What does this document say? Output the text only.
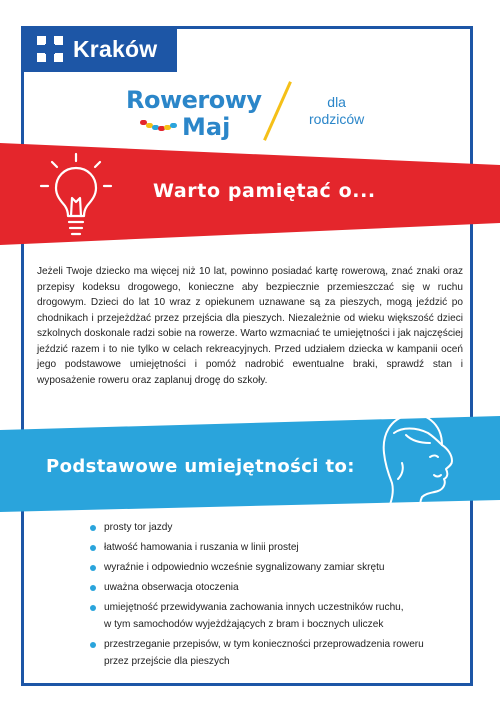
Kraków
Rowerowy
Maj
dla
rodziców
Warto pamiętać o...
Jeżeli Twoje dziecko ma więcej niż 10 lat, powinno posiadać kartę rowerową, znać znaki oraz przepisy kodeksu drogowego, konieczne aby bezpiecznie przemieszczać się w ruchu drogowym. Dzieci do lat 10 wraz z opiekunem uznawane są za pieszych, mogą jeździć po chodnikach i przejeżdżać przez przejścia dla pieszych. Niezależnie od wieku większość dzieci szkolnych doskonale radzi sobie na rowerze. Warto wzmacniać te umiejętności i jak najczęściej jeździć razem i to nie tylko w celach rekreacyjnych. Przed udziałem dziecka w kampanii oceń jego podstawowe umiejętności i pomóż nadrobić ewentualne braki, sprawdź stan i wyposażenie roweru oraz zaplanuj drogę do szkoły.
Podstawowe umiejętności to:
prosty tor jazdy
łatwość hamowania i ruszania w linii prostej
wyraźnie i odpowiednio wcześnie sygnalizowany zamiar skrętu
uważna obserwacja otoczenia
umiejętność przewidywania zachowania innych uczestników ruchu,
w tym samochodów wyjeżdżających z bram i bocznych uliczek
przestrzeganie przepisów, w tym konieczności przeprowadzenia roweru
przez przejście dla pieszych
